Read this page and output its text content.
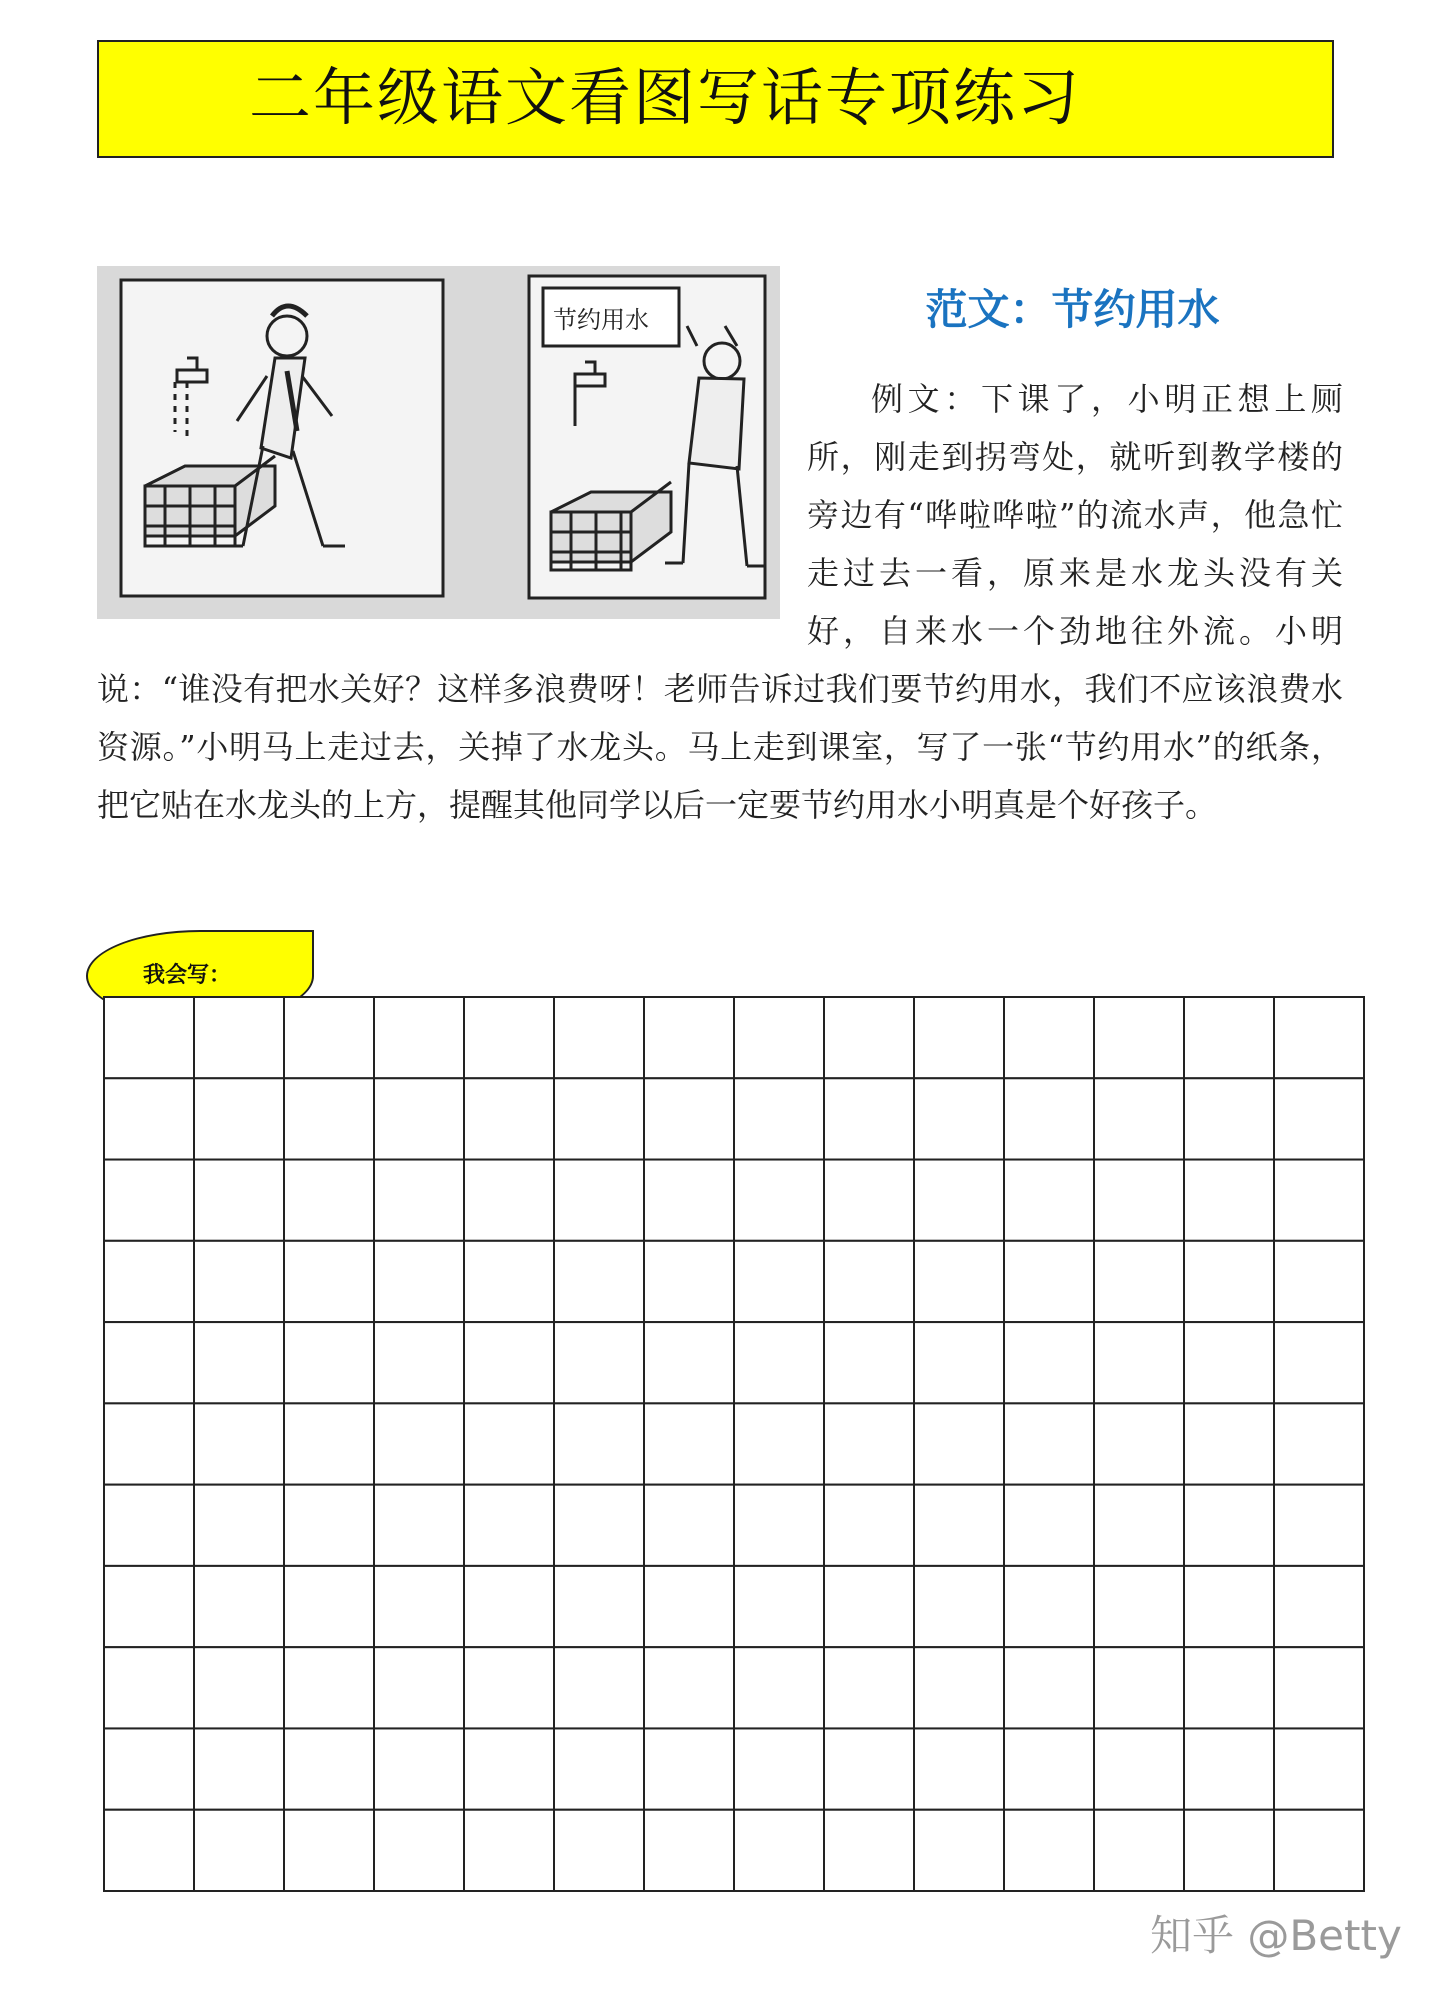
二年级语文看图写话专项练习
节约用水	范文：节约用水

例文：下课了，小明正想上厕所，刚走到拐弯处，就听到教学楼的旁边有“哗啦哗啦”的流水声，他急忙走过去一看，原来是水龙头没有关好，自来水一个劲地往外流。小明说：“谁没有把水关好？这样多浪费呀！老师告诉过我们要节约用水，我们不应该浪费水资源。”小明马上走过去，关掉了水龙头。马上走到课室，写了一张“节约用水”的纸条，把它贴在水龙头的上方，提醒其他同学以后一定要节约用水小明真是个好孩子。

我会写：
知乎 @Betty
